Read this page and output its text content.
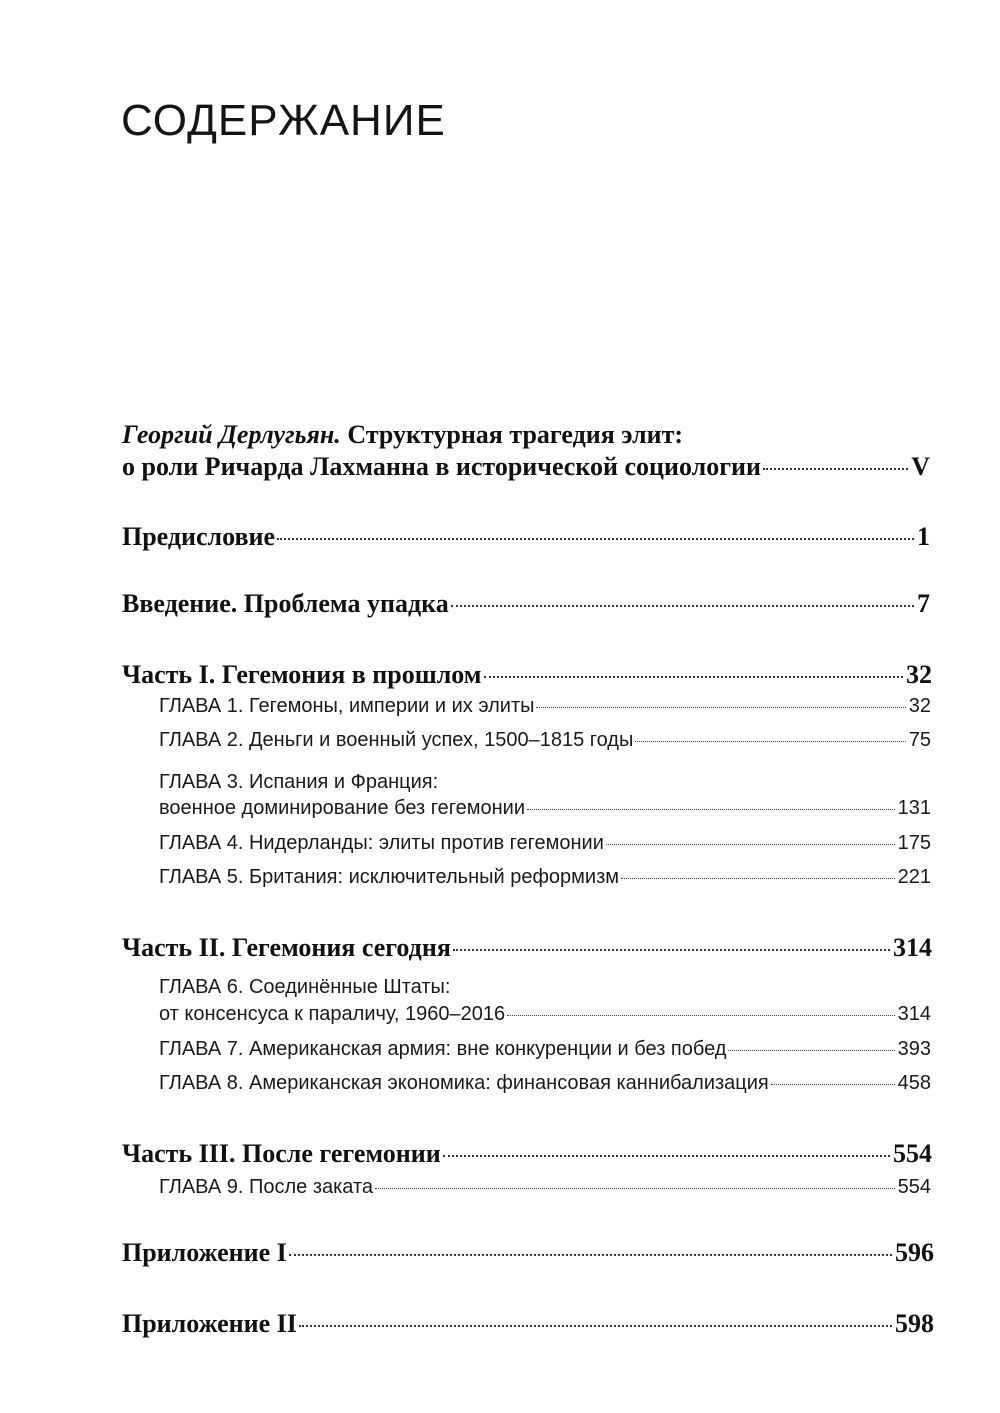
СОДЕРЖАНИЕ
Георгий Дерлугьян. Структурная трагедия элит:
о роли Ричарда Лахманна в исторической социологии	V
Предисловие	1
Введение. Проблема упадка	7
Часть I. Гегемония в прошлом	32
ГЛАВА 1. Гегемоны, империи и их элиты	32
ГЛАВА 2. Деньги и военный успех, 1500–1815 годы	75
ГЛАВА 3. Испания и Франция:
военное доминирование без гегемонии	131
ГЛАВА 4. Нидерланды: элиты против гегемонии	175
ГЛАВА 5. Британия: исключительный реформизм	221
Часть II. Гегемония сегодня	314
ГЛАВА 6. Соединённые Штаты:
от консенсуса к параличу, 1960–2016	314
ГЛАВА 7. Американская армия: вне конкуренции и без побед	393
ГЛАВА 8. Американская экономика: финансовая каннибализация	458
Часть III. После гегемонии	554
ГЛАВА 9. После заката	554
Приложение I	596
Приложение II	598
